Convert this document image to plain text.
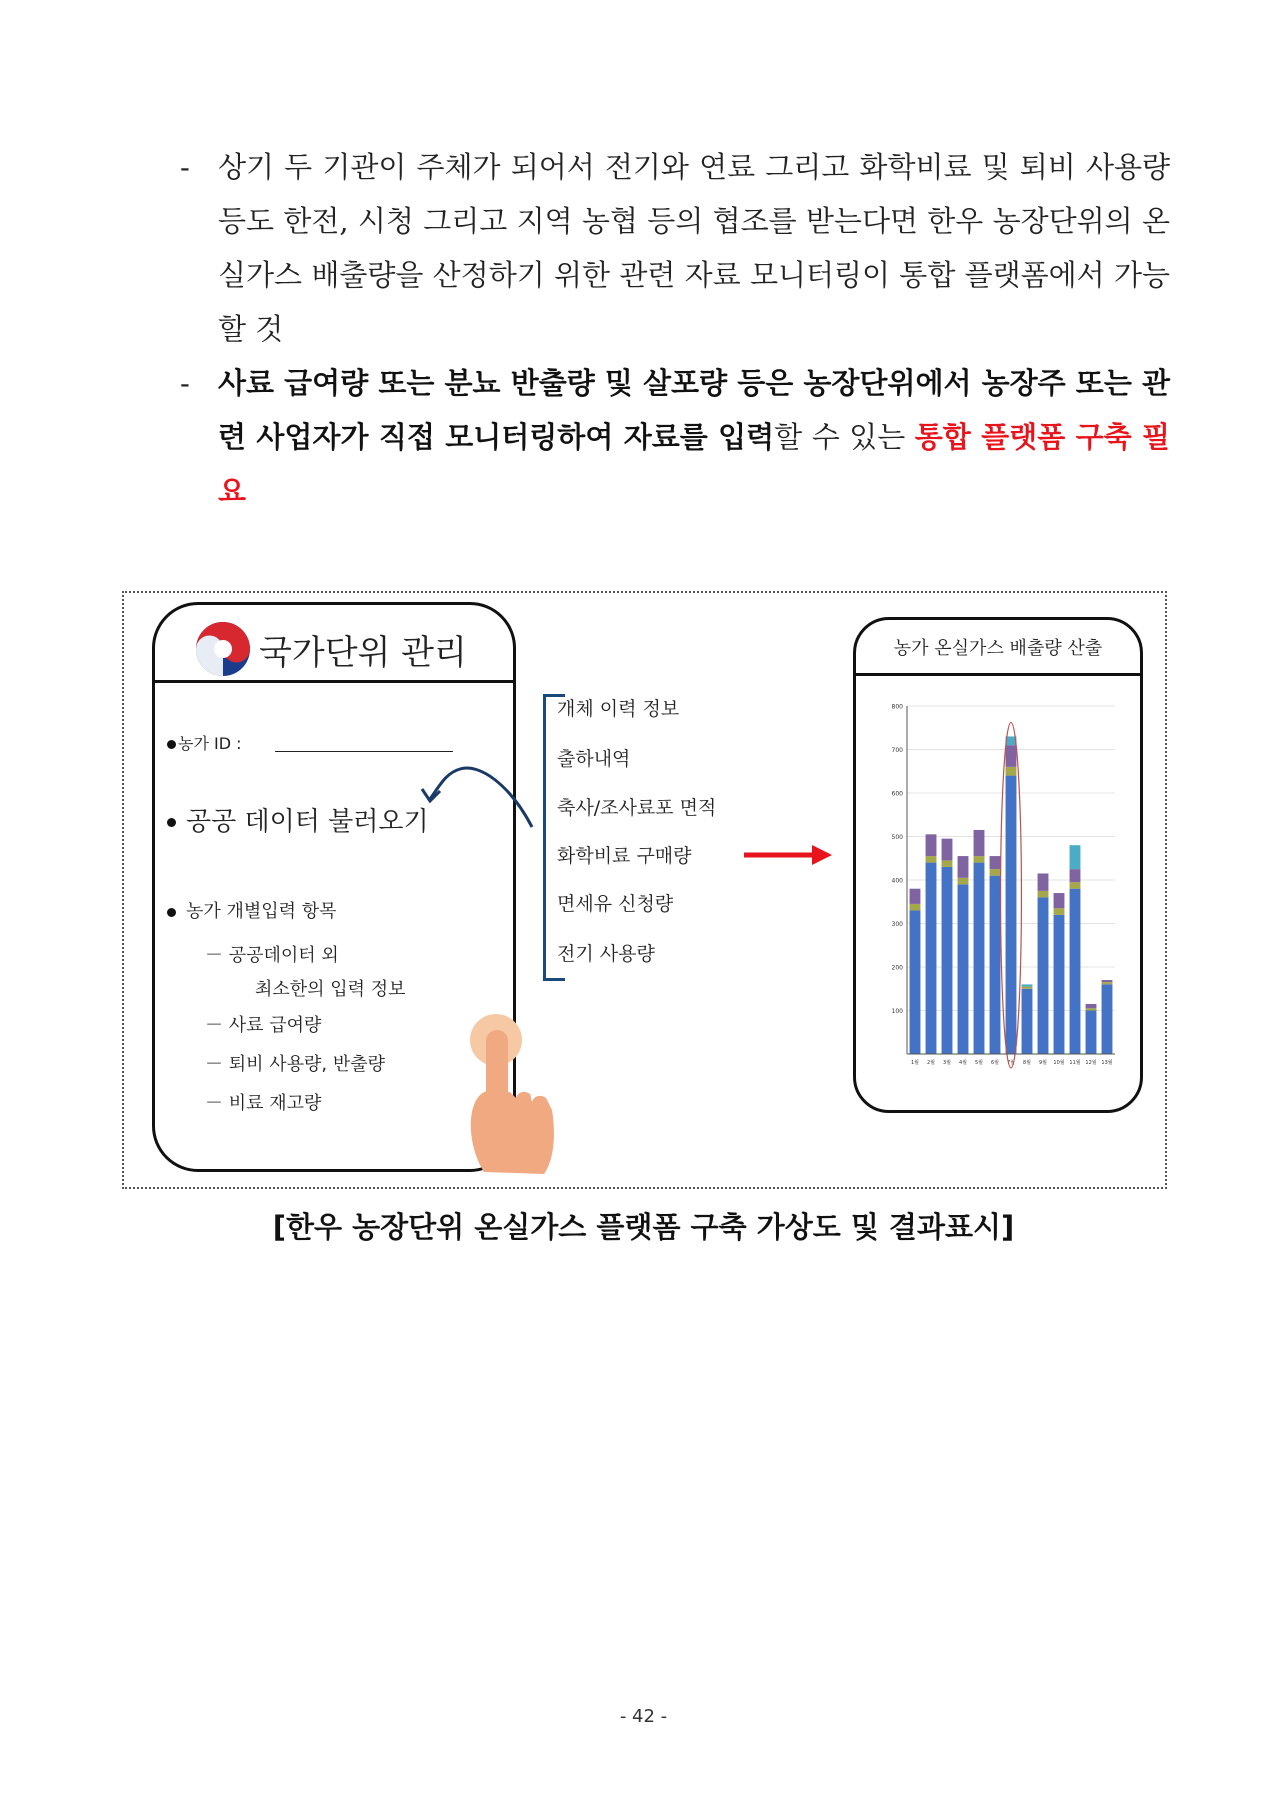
- 상기 두 기관이 주체가 되어서 전기와 연료 그리고 화학비료 및 퇴비 사용량 등도 한전, 시청 그리고 지역 농협 등의 협조를 받는다면 한우 농장단위의 온실가스 배출량을 산정하기 위한 관련 자료 모니터링이 통합 플랫폼에서 가능할 것

- 사료 급여량 또는 분뇨 반출량 및 살포량 등은 농장단위에서 농장주 또는 관련 사업자가 직접 모니터링하여 자료를 입력할 수 있는 통합 플랫폼 구축 필요

국가단위 관리
농가 ID :
공공 데이터 불러오기
농가 개별입력 항목
－ 공공데이터 외
최소한의 입력 정보
－ 사료 급여량
－ 퇴비 사용량, 반출량
－ 비료 재고량
개체 이력 정보
출하내역
축사/조사료포 면적
화학비료 구매량
면세유 신청량
전기 사용량
농가 온실가스 배출량 산출
100
200
300
400
500
600
700
800
1월 2월 3월 4월 5월 6월 7월 8월 9월 10월 11월 12월 13월
[한우 농장단위 온실가스 플랫폼 구축 가상도 및 결과표시]
- 42 -
